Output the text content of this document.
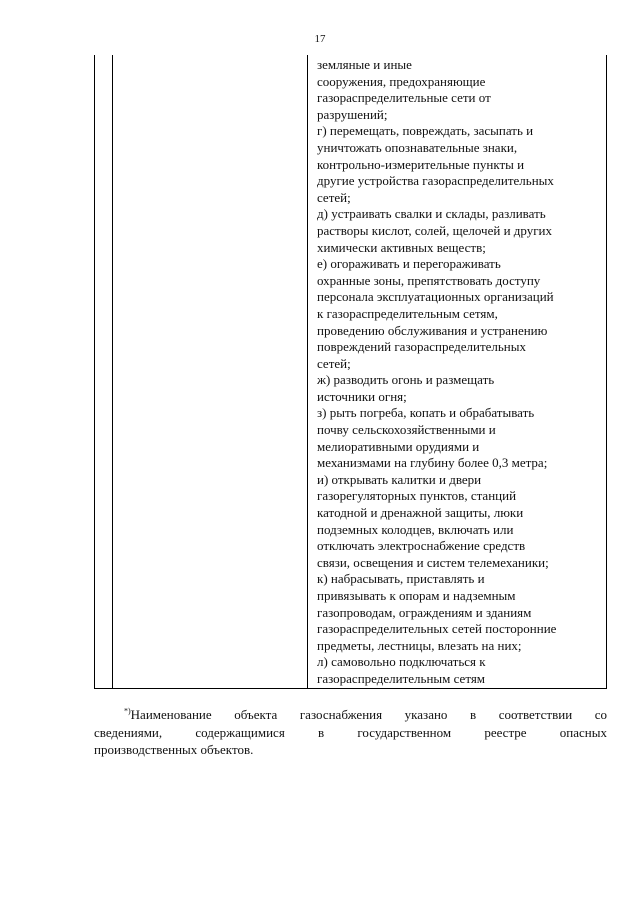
17
земляные и иные
сооружения, предохраняющие
газораспределительные сети от
разрушений;
г) перемещать, повреждать, засыпать и
уничтожать опознавательные знаки,
контрольно-измерительные пункты и
другие устройства газораспределительных
сетей;
д) устраивать свалки и склады, разливать
растворы кислот, солей, щелочей и других
химически активных веществ;
е) огораживать и перегораживать
охранные зоны, препятствовать доступу
персонала эксплуатационных организаций
к газораспределительным сетям,
проведению обслуживания и устранению
повреждений газораспределительных
сетей;
ж) разводить огонь и размещать
источники огня;
з) рыть погреба, копать и обрабатывать
почву сельскохозяйственными и
мелиоративными орудиями и
механизмами на глубину более 0,3 метра;
и) открывать калитки и двери
газорегуляторных пунктов, станций
катодной и дренажной защиты, люки
подземных колодцев, включать или
отключать электроснабжение средств
связи, освещения и систем телемеханики;
к) набрасывать, приставлять и
привязывать к опорам и надземным
газопроводам, ограждениям и зданиям
газораспределительных сетей посторонние
предметы, лестницы, влезать на них;
л) самовольно подключаться к
газораспределительным сетям
*)Наименование объекта газоснабжения указано в соответствии со
сведениями, содержащимися в государственном реестре опасных
производственных объектов.
